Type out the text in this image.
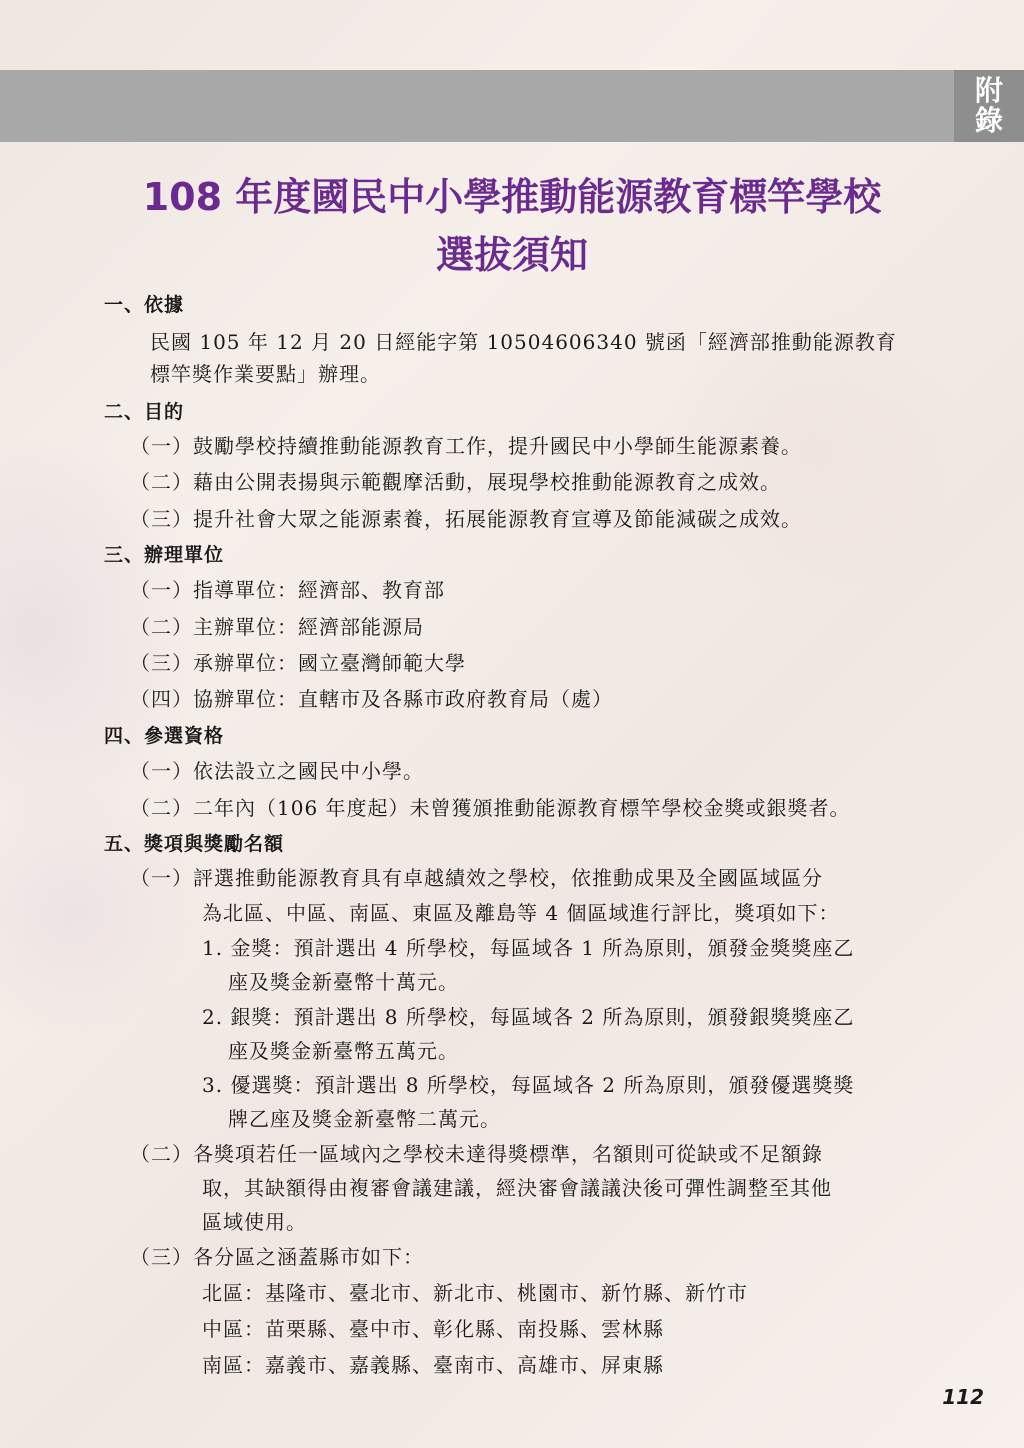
附
錄
108 年度國民中小學推動能源教育標竿學校
選拔須知
一、依據
民國 105 年 12 月 20 日經能字第 10504606340 號函「經濟部推動能源教育
標竿獎作業要點」辦理。
二、目的
（一）鼓勵學校持續推動能源教育工作，提升國民中小學師生能源素養。
（二）藉由公開表揚與示範觀摩活動，展現學校推動能源教育之成效。
（三）提升社會大眾之能源素養，拓展能源教育宣導及節能減碳之成效。
三、辦理單位
（一）指導單位：經濟部、教育部
（二）主辦單位：經濟部能源局
（三）承辦單位：國立臺灣師範大學
（四）協辦單位：直轄市及各縣市政府教育局（處）
四、參選資格
（一）依法設立之國民中小學。
（二）二年內（106 年度起）未曾獲頒推動能源教育標竿學校金獎或銀獎者。
五、獎項與獎勵名額
（一）評選推動能源教育具有卓越績效之學校，依推動成果及全國區域區分
為北區、中區、南區、東區及離島等 4 個區域進行評比，獎項如下：
1. 金獎：預計選出 4 所學校，每區域各 1 所為原則，頒發金獎獎座乙
座及獎金新臺幣十萬元。
2. 銀獎：預計選出 8 所學校，每區域各 2 所為原則，頒發銀獎獎座乙
座及獎金新臺幣五萬元。
3. 優選獎：預計選出 8 所學校，每區域各 2 所為原則，頒發優選獎獎
牌乙座及獎金新臺幣二萬元。
（二）各獎項若任一區域內之學校未達得獎標準，名額則可從缺或不足額錄
取，其缺額得由複審會議建議，經決審會議議決後可彈性調整至其他
區域使用。
（三）各分區之涵蓋縣市如下：
北區：基隆市、臺北市、新北市、桃園市、新竹縣、新竹市
中區：苗栗縣、臺中市、彰化縣、南投縣、雲林縣
南區：嘉義市、嘉義縣、臺南市、高雄市、屏東縣
112
